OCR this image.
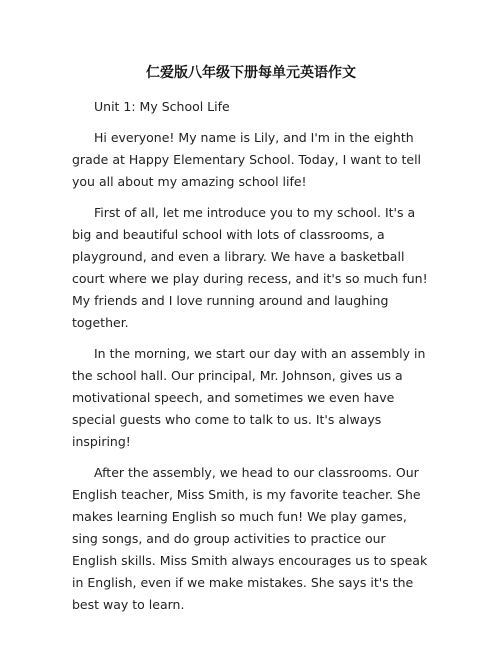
仁爱版八年级下册每单元英语作文

Unit 1: My School Life

Hi everyone! My name is Lily, and I'm in the eighth grade at Happy Elementary School. Today, I want to tell you all about my amazing school life!

First of all, let me introduce you to my school. It's a big and beautiful school with lots of classrooms, a playground, and even a library. We have a basketball court where we play during recess, and it's so much fun! My friends and I love running around and laughing together.

In the morning, we start our day with an assembly in the school hall. Our principal, Mr. Johnson, gives us a motivational speech, and sometimes we even have special guests who come to talk to us. It's always inspiring!

After the assembly, we head to our classrooms. Our English teacher, Miss Smith, is my favorite teacher. She makes learning English so much fun! We play games, sing songs, and do group activities to practice our English skills. Miss Smith always encourages us to speak in English, even if we make mistakes. She says it's the best way to learn.
